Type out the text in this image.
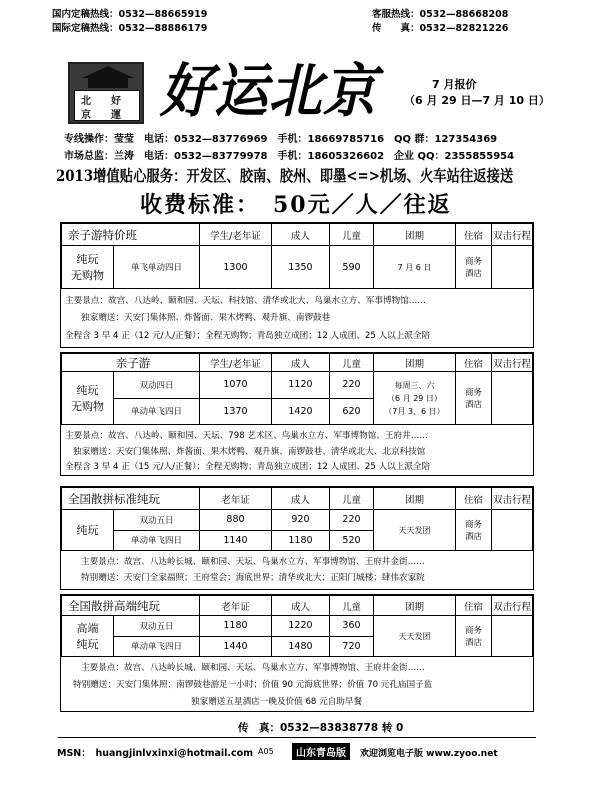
国内定稿热线：0532—88665919
国际定稿热线：0532—88886179
客服热线：0532—88668208
传　　真：0532—82821226
北
京
好
運 好运北京	7 月报价
（6 月 29 日—7 月 10 日）
专线操作：莹莹　电话：0532—83776969　手机：18669785716　QQ 群：127354369
市场总监：兰涛　电话：0532—83779978　手机：18605326602　企业 QQ：2355855954
2013增值贴心服务：开发区、胶南、胶州、即墨<=>机场、火车站往返接送
收费标准：　50元／人／往返
亲子游特价班		学生/老年证	成人	儿童	团期	住宿	双击行程
纯玩
无购物	单飞单动四日	1300	1350	590	7 月 6 日	商务
酒店	
主要景点：故宫、八达岭、颐和园、天坛、科技馆、清华或北大、鸟巢水立方、军事博物馆……
独家赠送：天安门集体照、炸酱面、果木烤鸭、观升旗、南锣鼓巷
全程含 3 早 4 正（12 元/人/正餐）；全程无购物；青岛独立成团；12 人成团、25 人以上派全陪
亲子游		学生/老年证	成人	儿童	团期	住宿	双击行程
纯玩
无购物	双动四日	1070	1120	220	每周三、六
（6 月 29 日）
（7月 3、6 日）	商务
酒店	
	单动单飞四日	1370	1420	620			
主要景点：故宫、八达岭、颐和园、天坛、798 艺术区、鸟巢水立方、军事博物馆、王府井……
独家赠送：天安门集体照、炸酱面、果木烤鸭、观升旗、南锣鼓巷、清华或北大、北京科技馆
全程含 3 早 4 正（15 元/人/正餐）；全程无购物；青岛独立成团；12 人成团、25 人以上派全陪
全国散拼标准纯玩		老年证	成人	儿童	团期	住宿	双击行程
纯玩	双动五日	880	920	220	天天发团	商务
酒店	
	单动单飞四日	1140	1180	520			
主要景点：故宫、八达岭长城、颐和园、天坛、鸟巢水立方、军事博物馆、王府井金街……
特别赠送：天安门全家福照；王府堂会；海底世界；清华或北大；正阳门城楼；肆伟农家院
全国散拼高端纯玩		老年证	成人	儿童	团期	住宿	双击行程
高端
纯玩	双动五日	1180	1220	360	天天发团	商务
酒店	
	单动单飞四日	1440	1480	720			
主要景点：故宫、八达岭长城、颐和园、天坛、鸟巢水立方、军事博物馆、王府井金街……
特别赠送：天安门集体照；南锣鼓巷游足一小时；价值 90 元海底世界；价值 70 元孔庙国子监
独家赠送五星酒店一晚及价值 68 元自助早餐
传　真：0532—83838778 转 0
MSN：　huangjinlvxinxi@hotmail.com A05	山东青岛版	欢迎浏览电子版 www.zyoo.net
